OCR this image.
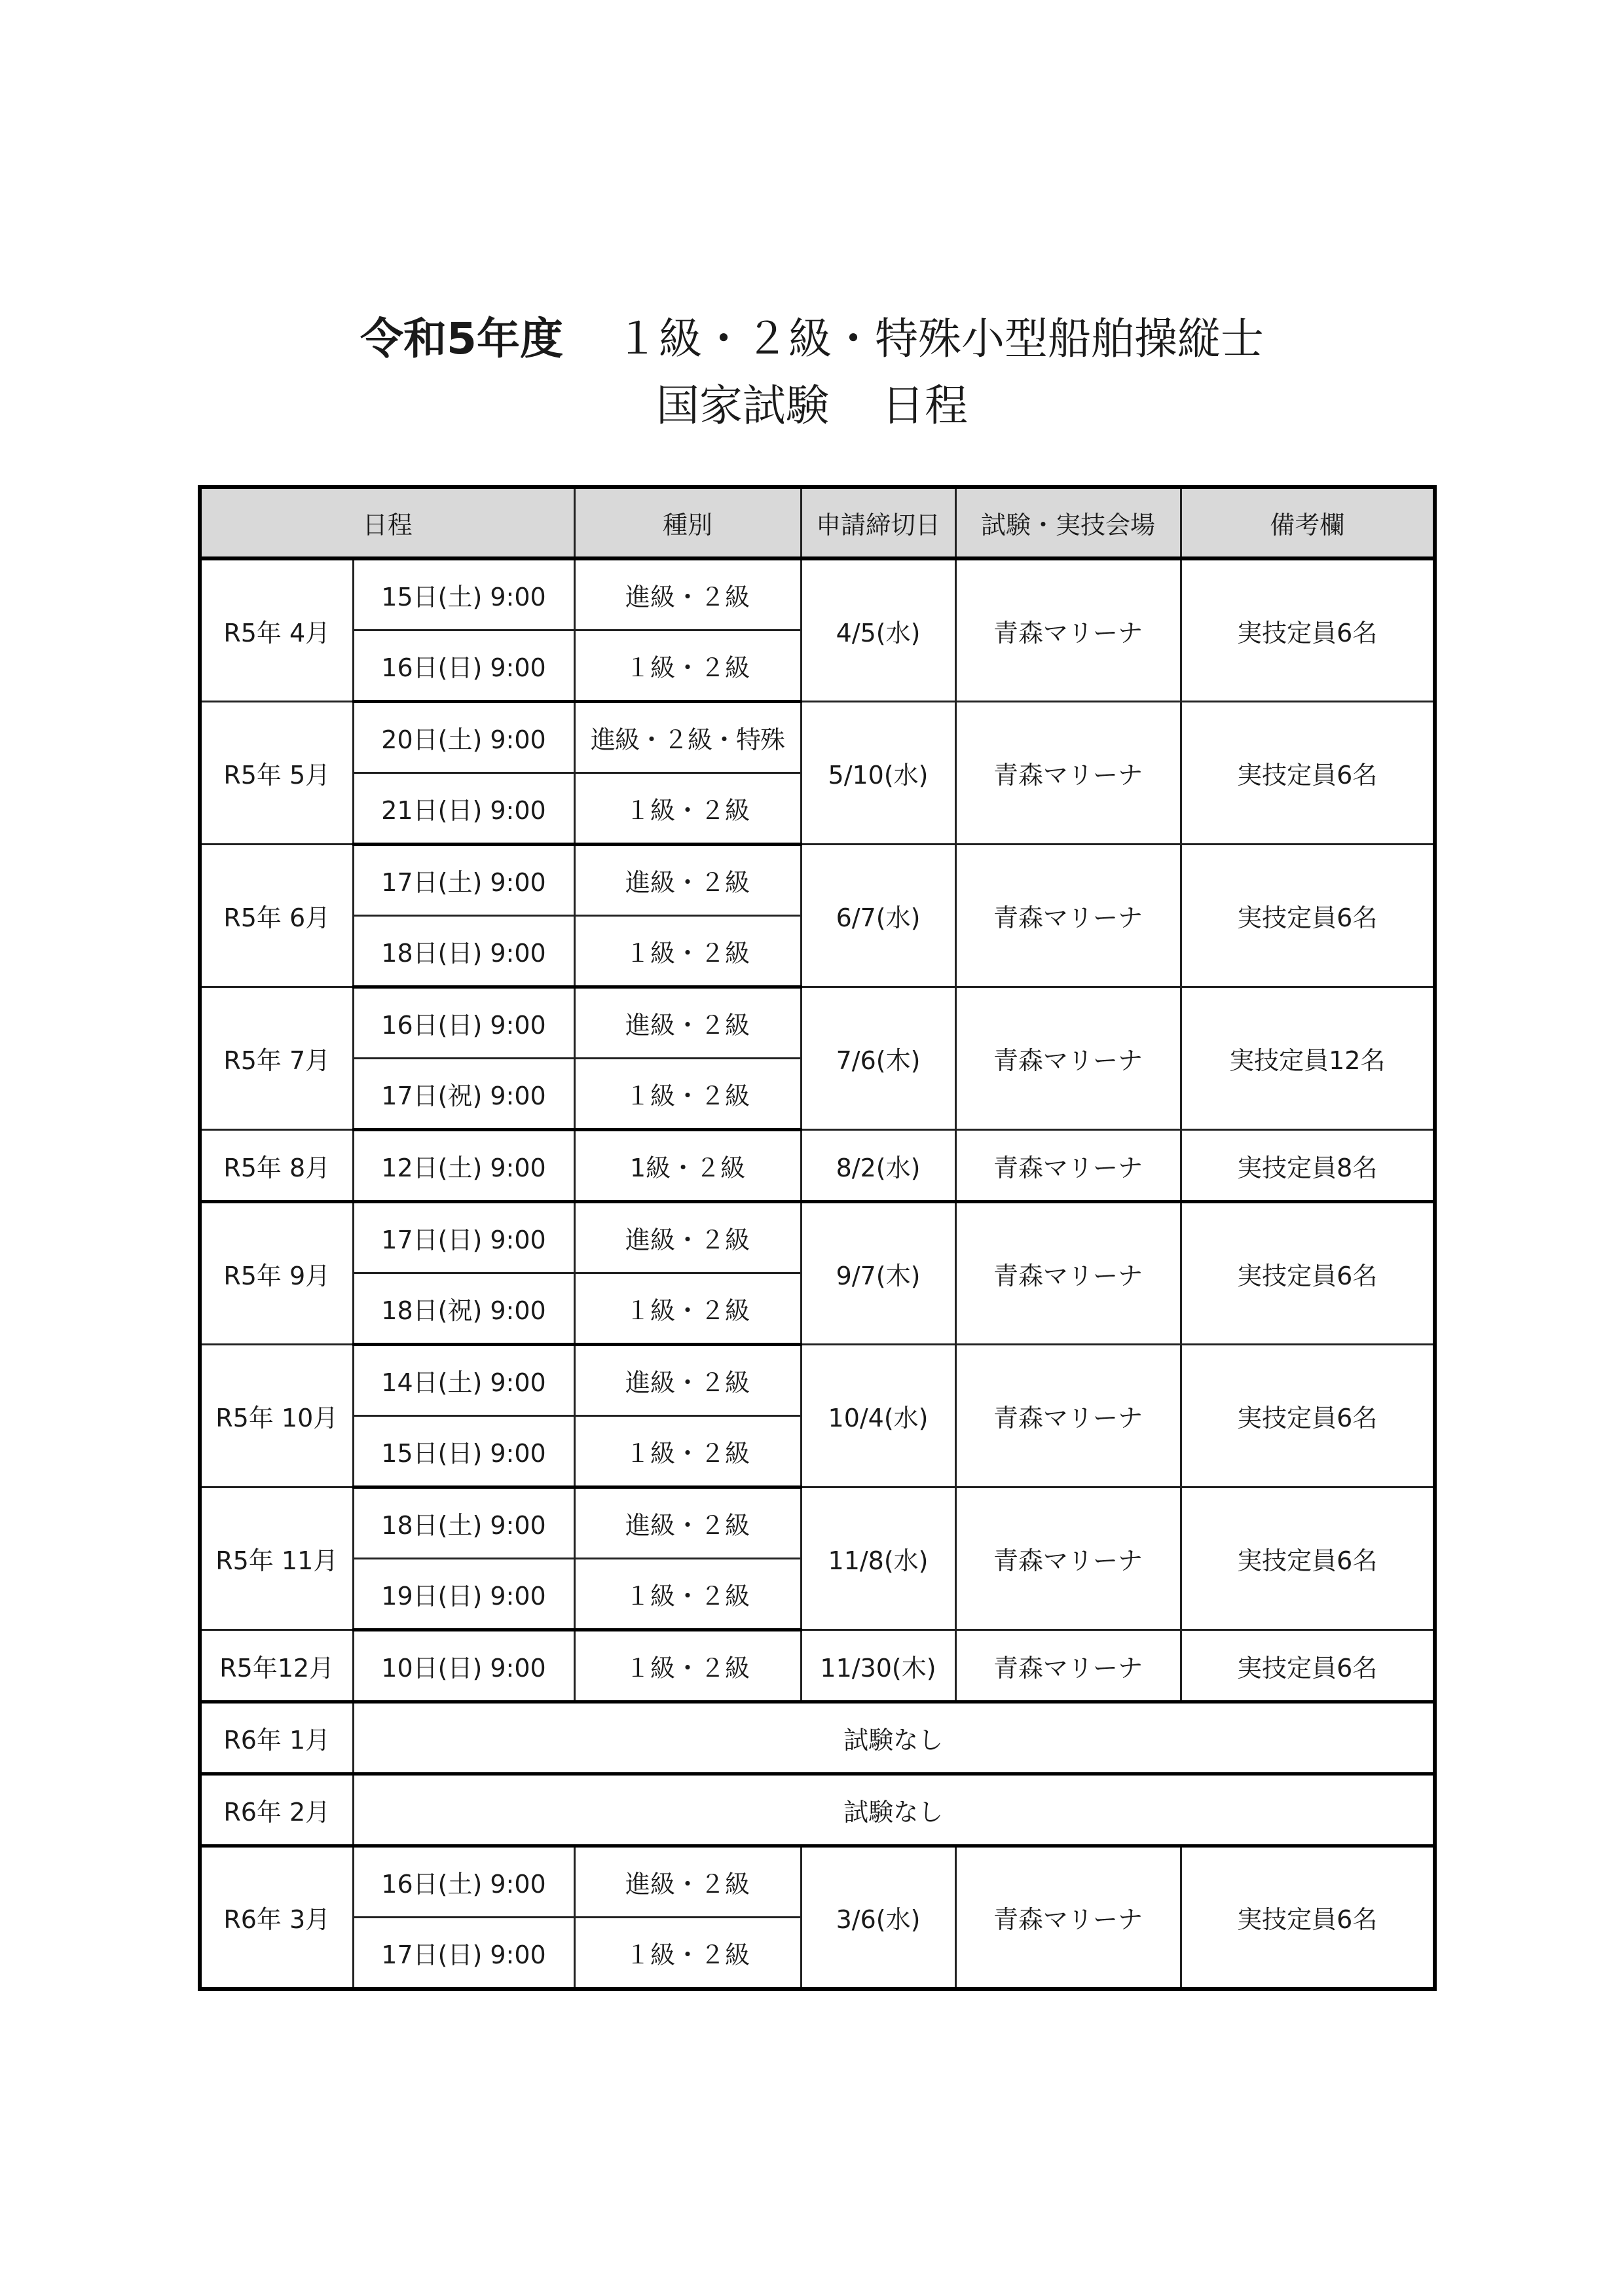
令和5年度 １級・２級・特殊小型船舶操縦士
国家試験 日程
日程		種別	申請締切日	試験・実技会場	備考欄
R5年 4月	15日(土) 9:00	進級・２級	4/5(水)	青森マリーナ	実技定員6名
	16日(日) 9:00	１級・２級			
R5年 5月	20日(土) 9:00	進級・２級・特殊	5/10(水)	青森マリーナ	実技定員6名
	21日(日) 9:00	１級・２級			
R5年 6月	17日(土) 9:00	進級・２級	6/7(水)	青森マリーナ	実技定員6名
	18日(日) 9:00	１級・２級			
R5年 7月	16日(日) 9:00	進級・２級	7/6(木)	青森マリーナ	実技定員12名
	17日(祝) 9:00	１級・２級			
R5年 8月	12日(土) 9:00	1級・２級	8/2(水)	青森マリーナ	実技定員8名
R5年 9月	17日(日) 9:00	進級・２級	9/7(木)	青森マリーナ	実技定員6名
	18日(祝) 9:00	１級・２級			
R5年 10月	14日(土) 9:00	進級・２級	10/4(水)	青森マリーナ	実技定員6名
	15日(日) 9:00	１級・２級			
R5年 11月	18日(土) 9:00	進級・２級	11/8(水)	青森マリーナ	実技定員6名
	19日(日) 9:00	１級・２級			
R5年12月	10日(日) 9:00	１級・２級	11/30(木)	青森マリーナ	実技定員6名
R6年 1月	試験なし				
R6年 2月	試験なし				
R6年 3月	16日(土) 9:00	進級・２級	3/6(水)	青森マリーナ	実技定員6名
	17日(日) 9:00	１級・２級			
